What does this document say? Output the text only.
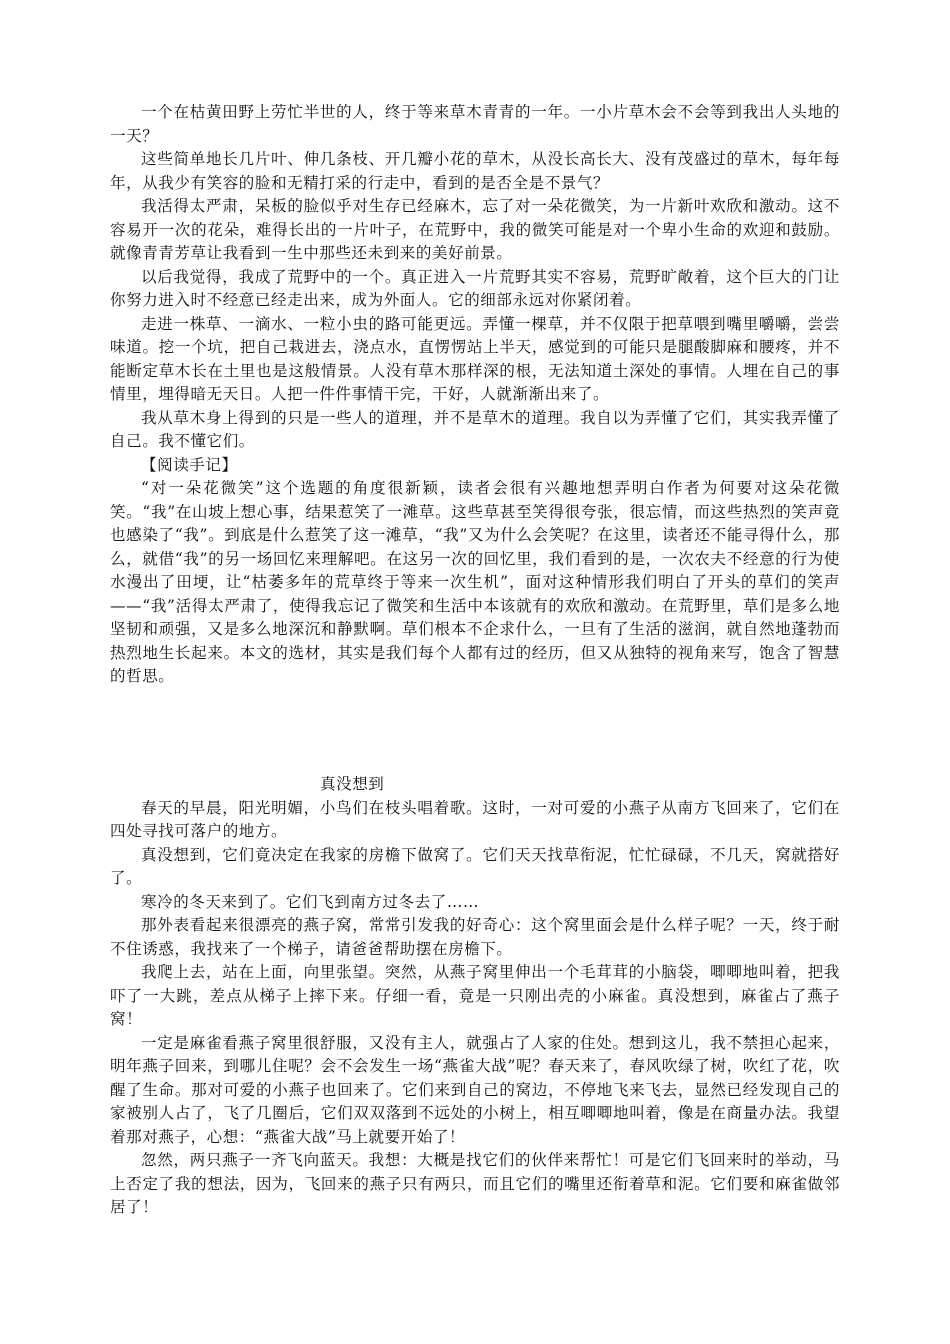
一个在枯黄田野上劳忙半世的人，终于等来草木青青的一年。一小片草木会不会等到我出人头地的一天？

这些简单地长几片叶、伸几条枝、开几瓣小花的草木，从没长高长大、没有茂盛过的草木，每年每年，从我少有笑容的脸和无精打采的行走中，看到的是否全是不景气？

我活得太严肃，呆板的脸似乎对生存已经麻木，忘了对一朵花微笑，为一片新叶欢欣和激动。这不容易开一次的花朵，难得长出的一片叶子，在荒野中，我的微笑可能是对一个卑小生命的欢迎和鼓励。就像青青芳草让我看到一生中那些还未到来的美好前景。

以后我觉得，我成了荒野中的一个。真正进入一片荒野其实不容易，荒野旷敞着，这个巨大的门让你努力进入时不经意已经走出来，成为外面人。它的细部永远对你紧闭着。

走进一株草、一滴水、一粒小虫的路可能更远。弄懂一棵草，并不仅限于把草喂到嘴里嚼嚼，尝尝味道。挖一个坑，把自己栽进去，浇点水，直愣愣站上半天，感觉到的可能只是腿酸脚麻和腰疼，并不能断定草木长在土里也是这般情景。人没有草木那样深的根，无法知道土深处的事情。人埋在自己的事情里，埋得暗无天日。人把一件件事情干完，干好，人就渐渐出来了。

我从草木身上得到的只是一些人的道理，并不是草木的道理。我自以为弄懂了它们，其实我弄懂了自己。我不懂它们。

【阅读手记】

“对一朵花微笑”这个选题的角度很新颖，读者会很有兴趣地想弄明白作者为何要对这朵花微笑。“我”在山坡上想心事，结果惹笑了一滩草。这些草甚至笑得很夸张，很忘情，而这些热烈的笑声竟也感染了“我”。到底是什么惹笑了这一滩草，“我”又为什么会笑呢？在这里，读者还不能寻得什么，那么，就借“我”的另一场回忆来理解吧。在这另一次的回忆里，我们看到的是，一次农夫不经意的行为使水漫出了田埂，让“枯萎多年的荒草终于等来一次生机”，面对这种情形我们明白了开头的草们的笑声——“我”活得太严肃了，使得我忘记了微笑和生活中本该就有的欢欣和激动。在荒野里，草们是多么地坚韧和顽强，又是多么地深沉和静默啊。草们根本不企求什么，一旦有了生活的滋润，就自然地蓬勃而热烈地生长起来。本文的选材，其实是我们每个人都有过的经历，但又从独特的视角来写，饱含了智慧的哲思。

真没想到

春天的早晨，阳光明媚，小鸟们在枝头唱着歌。这时，一对可爱的小燕子从南方飞回来了，它们在四处寻找可落户的地方。

真没想到，它们竟决定在我家的房檐下做窝了。它们天天找草衔泥，忙忙碌碌，不几天，窝就搭好了。

寒冷的冬天来到了。它们飞到南方过冬去了……

那外表看起来很漂亮的燕子窝，常常引发我的好奇心：这个窝里面会是什么样子呢？一天，终于耐不住诱惑，我找来了一个梯子，请爸爸帮助摆在房檐下。

我爬上去，站在上面，向里张望。突然，从燕子窝里伸出一个毛茸茸的小脑袋，唧唧地叫着，把我吓了一大跳，差点从梯子上摔下来。仔细一看，竟是一只刚出壳的小麻雀。真没想到，麻雀占了燕子窝！

一定是麻雀看燕子窝里很舒服，又没有主人，就强占了人家的住处。想到这儿，我不禁担心起来，明年燕子回来，到哪儿住呢？会不会发生一场“燕雀大战”呢？春天来了，春风吹绿了树，吹红了花，吹醒了生命。那对可爱的小燕子也回来了。它们来到自己的窝边，不停地飞来飞去，显然已经发现自己的家被别人占了，飞了几圈后，它们双双落到不远处的小树上，相互唧唧地叫着，像是在商量办法。我望着那对燕子，心想：“燕雀大战”马上就要开始了！

忽然，两只燕子一齐飞向蓝天。我想：大概是找它们的伙伴来帮忙！可是它们飞回来时的举动，马上否定了我的想法，因为，飞回来的燕子只有两只，而且它们的嘴里还衔着草和泥。它们要和麻雀做邻居了！
